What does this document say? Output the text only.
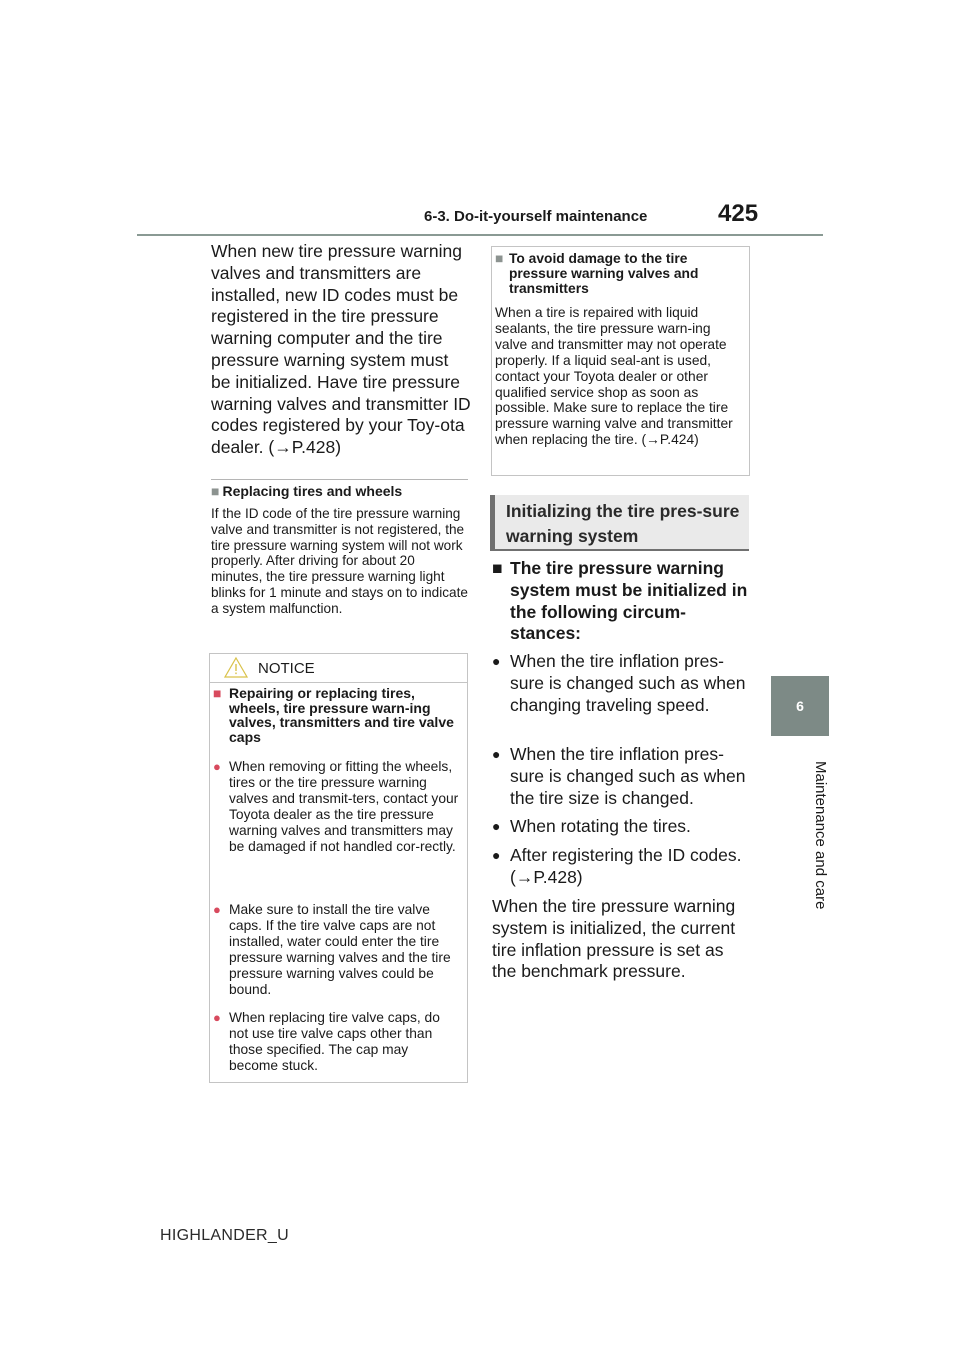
6-3. Do-it-yourself maintenance	425
6
Maintenance and care
When new tire pressure warning valves and transmitters are installed, new ID codes must be registered in the tire pressure warning computer and the tire pressure warning system must be initialized. Have tire pressure warning valves and transmitter ID codes registered by your Toy-ota dealer. (→P.428)
■ Replacing tires and wheels
If the ID code of the tire pressure warning valve and transmitter is not registered, the tire pressure warning system will not work properly. After driving for about 20 minutes, the tire pressure warning light blinks for 1 minute and stays on to indicate a system malfunction.
NOTICE
■ Repairing or replacing tires, wheels, tire pressure warn-ing valves, transmitters and tire valve caps
● When removing or fitting the wheels, tires or the tire pressure warning valves and transmit-ters, contact your Toyota dealer as the tire pressure warning valves and transmitters may be damaged if not handled cor-rectly.
● Make sure to install the tire valve caps. If the tire valve caps are not installed, water could enter the tire pressure warning valves and the tire pressure warning valves could be bound.
● When replacing tire valve caps, do not use tire valve caps other than those specified. The cap may become stuck.
■ To avoid damage to the tire pressure warning valves and transmitters
When a tire is repaired with liquid sealants, the tire pressure warn-ing valve and transmitter may not operate properly. If a liquid seal-ant is used, contact your Toyota dealer or other qualified service shop as soon as possible. Make sure to replace the tire pressure warning valve and transmitter when replacing the tire. (→P.424)
Initializing the tire pres-sure warning system
■ The tire pressure warning system must be initialized in the following circum-stances:
● When the tire inflation pres-sure is changed such as when changing traveling speed.
● When the tire inflation pres-sure is changed such as when the tire size is changed.
● When rotating the tires.
● After registering the ID codes. (→P.428)
When the tire pressure warning system is initialized, the current tire inflation pressure is set as the benchmark pressure.
HIGHLANDER_U
